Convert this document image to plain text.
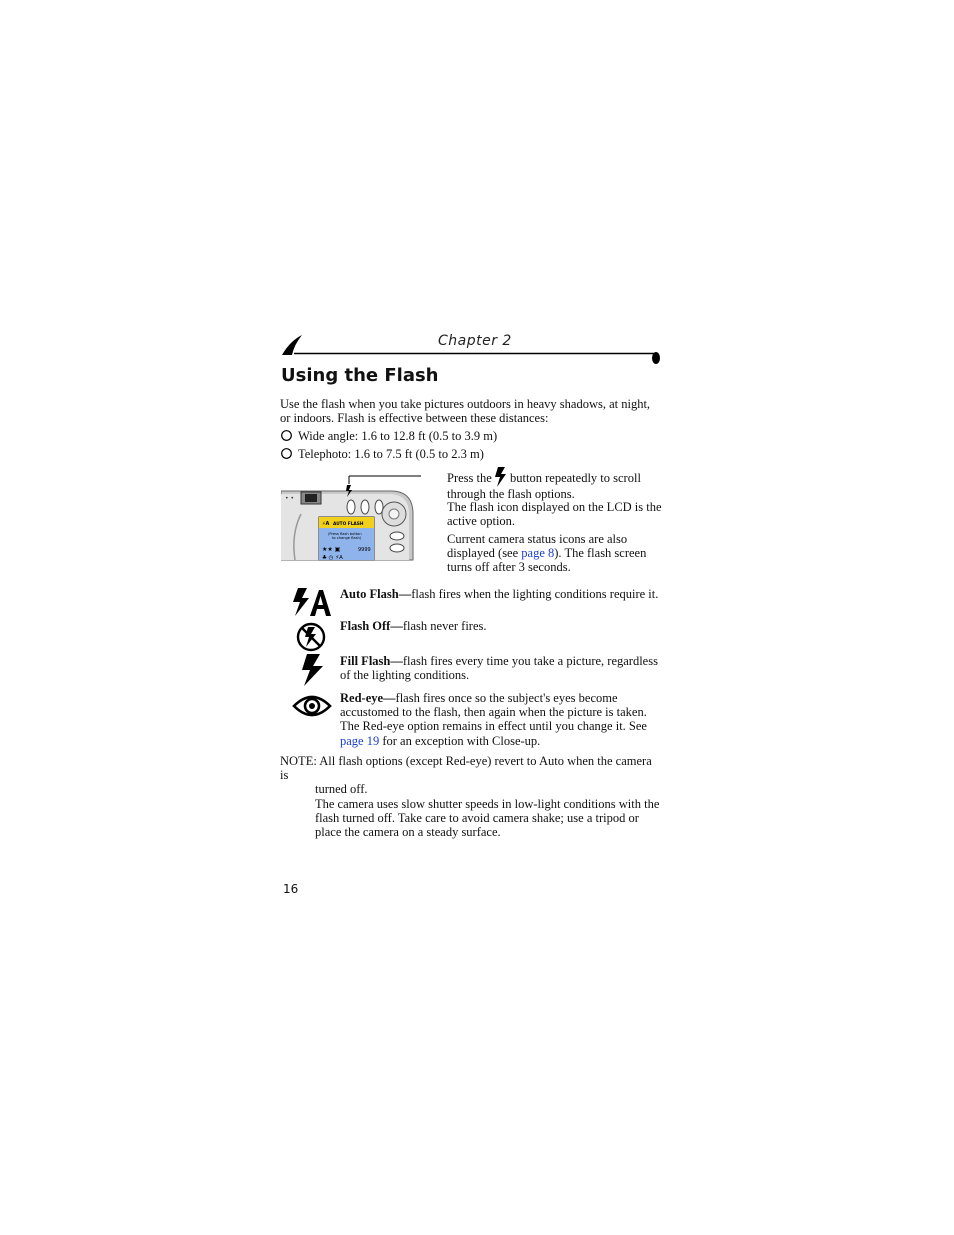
Chapter 2
Using the Flash
Use the flash when you take pictures outdoors in heavy shadows, at night, or indoors. Flash is effective between these distances:
Wide angle: 1.6 to 12.8 ft (0.5 to 3.9 m)
Telephoto: 1.6 to 7.5 ft (0.5 to 2.3 m)
• •
⚡A AUTO FLASH
(Press flash button
to change flash)
★★ ▣	9999
♣ ◷ ⚡A
Press the button repeatedly to scroll through the flash options.
The flash icon displayed on the LCD is the active option.
Current camera status icons are also displayed (see page 8). The flash screen turns off after 3 seconds.
Auto Flash—flash fires when the lighting conditions require it.
Flash Off—flash never fires.
Fill Flash—flash fires every time you take a picture, regardless of the lighting conditions.
Red-eye—flash fires once so the subject's eyes become accustomed to the flash, then again when the picture is taken. The Red-eye option remains in effect until you change it. See page 19 for an exception with Close-up.
NOTE: All flash options (except Red-eye) revert to Auto when the camera is
turned off.
The camera uses slow shutter speeds in low-light conditions with the flash turned off. Take care to avoid camera shake; use a tripod or place the camera on a steady surface.
16
